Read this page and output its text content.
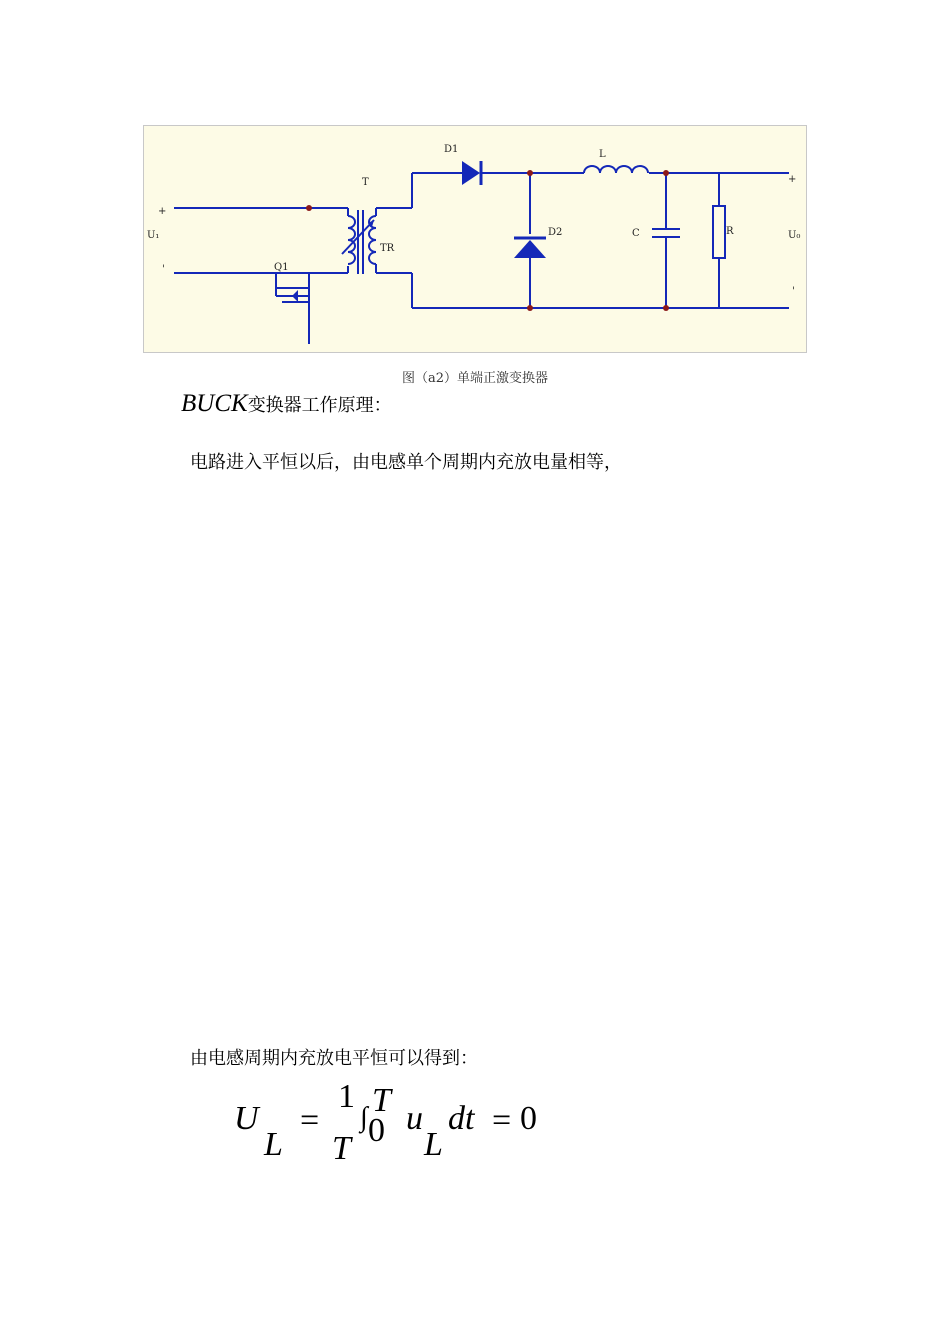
D1
T
L
+
+
U₁	D2	C	R	U₀
TR
'	Q1
'
图（a2）单端正激变换器
BUCK变换器工作原理：
电路进入平恒以后，由电感单个周期内充放电量相等，
由电感周期内充放电平恒可以得到：
U
L
=
1
T
∫ T
0 u
L
dt = 0
